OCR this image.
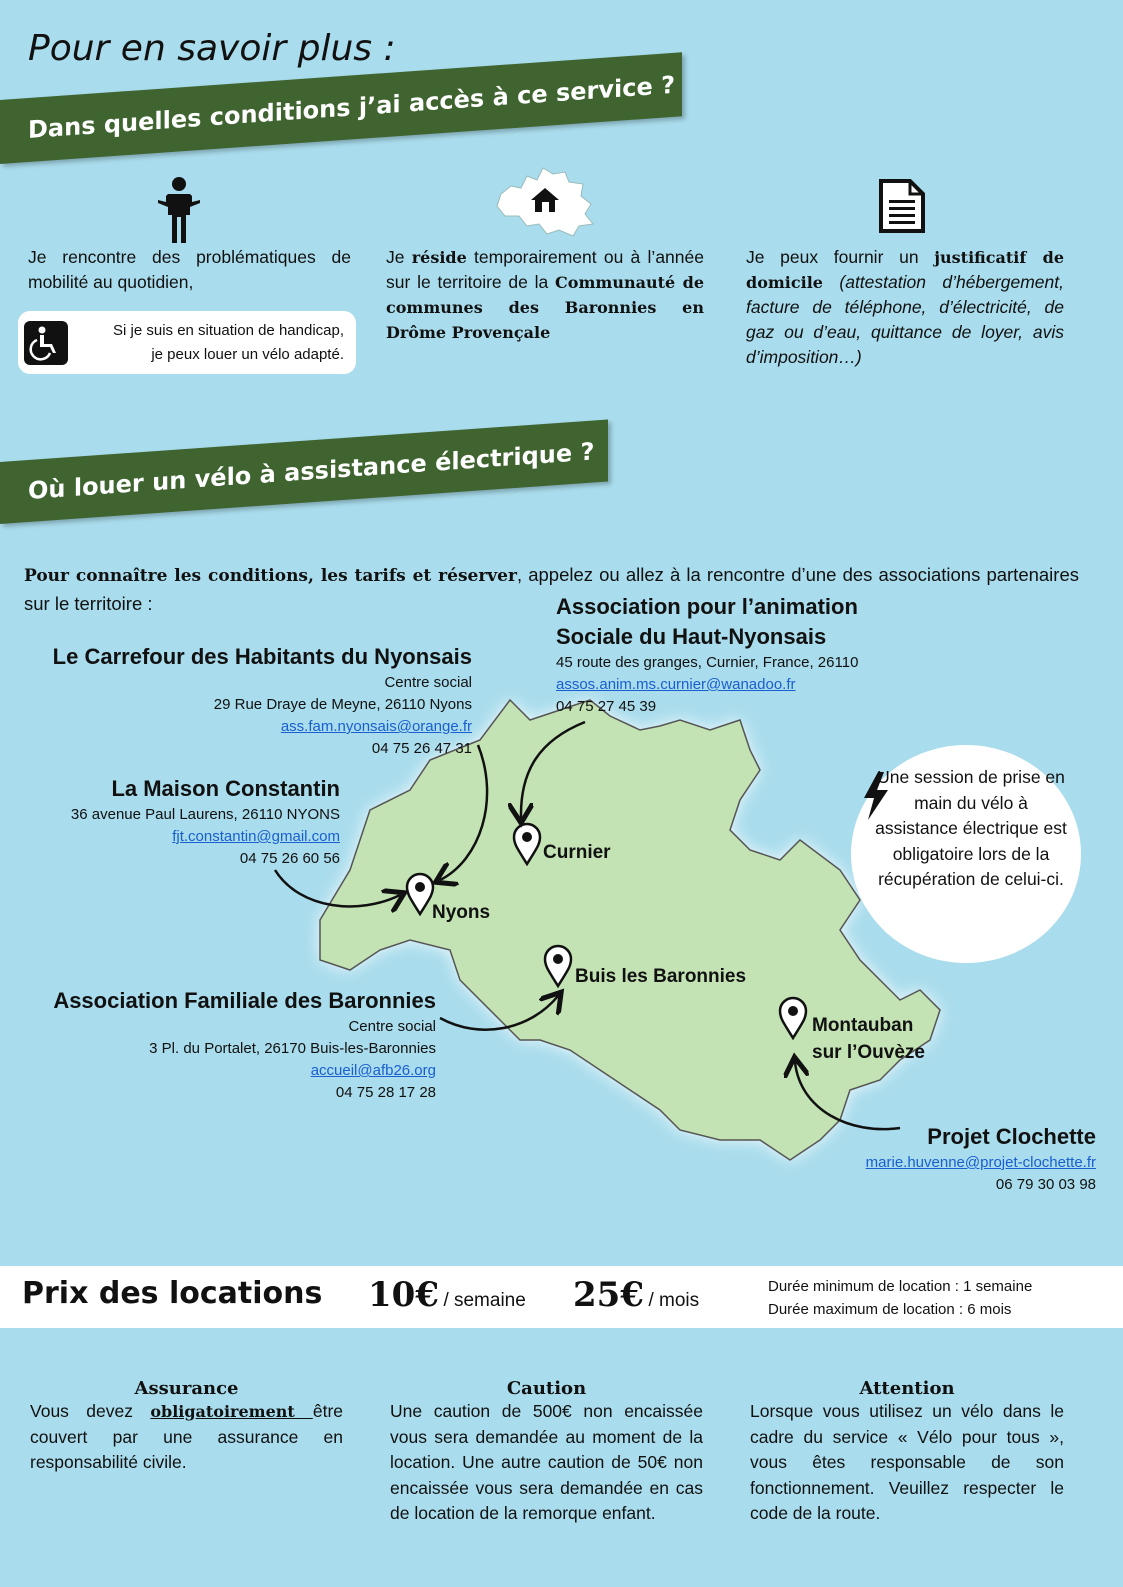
Pour en savoir plus :
Dans quelles conditions j’ai accès à ce service ?
Je rencontre des problématiques de mobilité au quotidien,
Si je suis en situation de handicap,
je peux louer un vélo adapté.
Je réside temporairement ou à l’année sur le territoire de la Communauté de communes des Baronnies en Drôme Provençale
Je peux fournir un justificatif de domicile (attestation d’hébergement, facture de téléphone, d’électricité, de gaz ou d’eau, quittance de loyer, avis d’imposition…)
Où louer un vélo à assistance électrique ?
Pour connaître les conditions, les tarifs et réserver, appelez ou allez à la rencontre d’une des associations partenaires sur le territoire :
Nyons
Curnier
Buis les Baronnies
Montauban
sur l’Ouvèze
Le Carrefour des Habitants du Nyonsais
Centre social
29 Rue Draye de Meyne, 26110 Nyons
ass.fam.nyonsais@orange.fr
04 75 26 47 31
Association pour l’animation
Sociale du Haut-Nyonsais
45 route des granges, Curnier, France, 26110
assos.anim.ms.curnier@wanadoo.fr
04 75 27 45 39
La Maison Constantin
36 avenue Paul Laurens, 26110 NYONS
fjt.constantin@gmail.com
04 75 26 60 56
Association Familiale des Baronnies
Centre social
3 Pl. du Portalet, 26170 Buis-les-Baronnies
accueil@afb26.org
04 75 28 17 28
Projet Clochette
marie.huvenne@projet-clochette.fr
06 79 30 03 98
Une session de prise en main du vélo à assistance électrique est obligatoire lors de la récupération de celui-ci.
Prix des locations 10€ / semaine 25€ / mois
Durée minimum de location : 1 semaine
Durée maximum de location : 6 mois
Assurance
Vous devez obligatoirement être couvert par une assurance en responsabilité civile.
Caution
Une caution de 500€ non encaissée vous sera demandée au moment de la location. Une autre caution de 50€ non encaissée vous sera demandée en cas de location de la remorque enfant.
Attention
Lorsque vous utilisez un vélo dans le cadre du service « Vélo pour tous », vous êtes responsable de son fonctionnement. Veuillez respecter le code de la route.
